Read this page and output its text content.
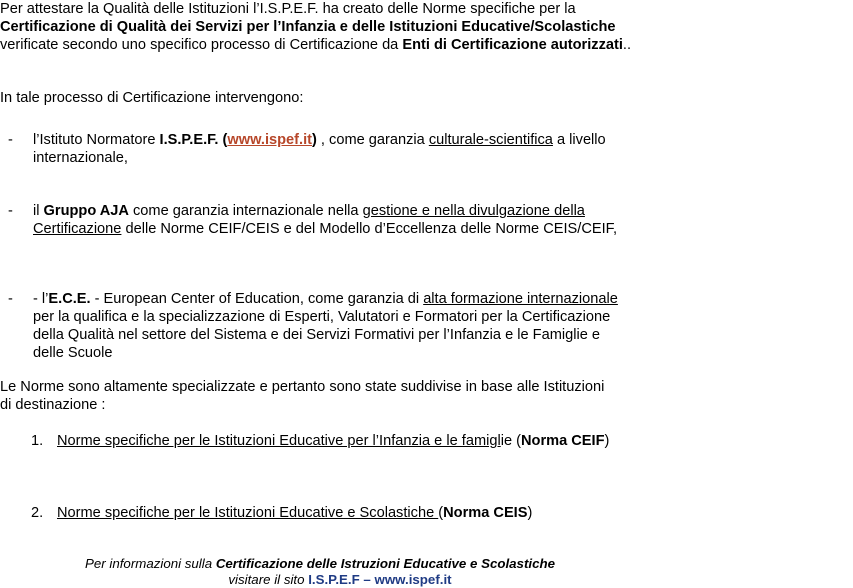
Per attestare la Qualità delle Istituzioni l’I.S.P.E.F. ha creato delle Norme specifiche per la Certificazione di Qualità dei Servizi per l’Infanzia e delle Istituzioni Educative/Scolastiche verificate secondo uno specifico processo di Certificazione da Enti di Certificazione autorizzati..

In tale processo di Certificazione intervengono:

- l’Istituto Normatore I.S.P.E.F. (www.ispef.it) , come garanzia culturale-scientifica a livello internazionale,
- il Gruppo AJA come garanzia internazionale nella gestione e nella divulgazione della Certificazione delle Norme CEIF/CEIS e del Modello d’Eccellenza delle Norme CEIS/CEIF,
- - l’E.C.E. - European Center of Education, come garanzia di alta formazione internazionale per la qualifica e la specializzazione di Esperti, Valutatori e Formatori per la Certificazione della Qualità nel settore del Sistema e dei Servizi Formativi per l’Infanzia e le Famiglie e delle Scuole

Le Norme sono altamente specializzate e pertanto sono state suddivise in base alle Istituzioni di destinazione :

1. Norme specifiche per le Istituzioni Educative per l’Infanzia e le famiglie (Norma CEIF)
2. Norme specifiche per le Istituzioni Educative e Scolastiche (Norma CEIS)
Per informazioni sulla Certificazione delle Istruzioni Educative e Scolastiche
visitare il sito I.S.P.E.F – www.ispef.it
